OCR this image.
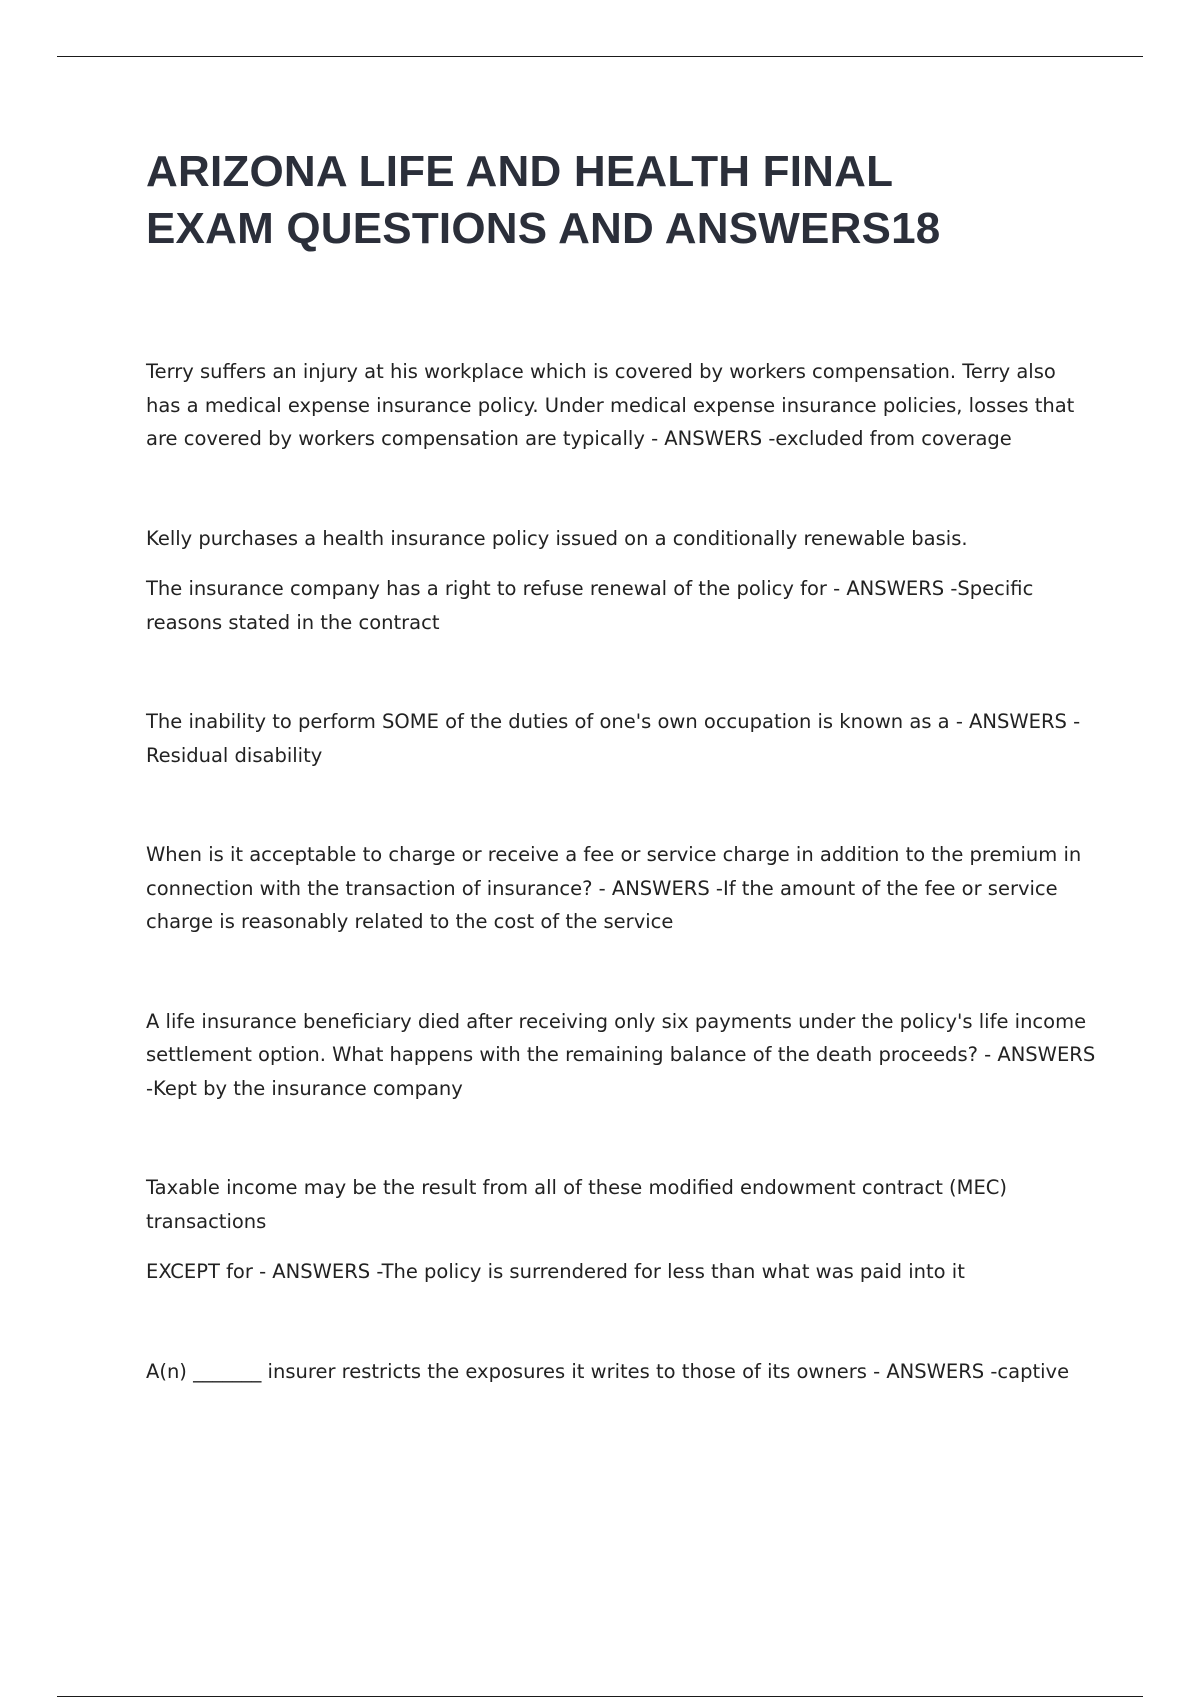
ARIZONA LIFE AND HEALTH FINAL
EXAM QUESTIONS AND ANSWERS18

Terry suffers an injury at his workplace which is covered by workers compensation. Terry also has a medical expense insurance policy. Under medical expense insurance policies, losses that are covered by workers compensation are typically - ANSWERS -excluded from coverage

Kelly purchases a health insurance policy issued on a conditionally renewable basis.

The insurance company has a right to refuse renewal of the policy for - ANSWERS -Specific reasons stated in the contract

The inability to perform SOME of the duties of one's own occupation is known as a - ANSWERS -Residual disability

When is it acceptable to charge or receive a fee or service charge in addition to the premium in connection with the transaction of insurance? - ANSWERS -If the amount of the fee or service charge is reasonably related to the cost of the service

A life insurance beneficiary died after receiving only six payments under the policy's life income settlement option. What happens with the remaining balance of the death proceeds? - ANSWERS -Kept by the insurance company

Taxable income may be the result from all of these modified endowment contract (MEC) transactions

EXCEPT for - ANSWERS -The policy is surrendered for less than what was paid into it

A(n) _______ insurer restricts the exposures it writes to those of its owners - ANSWERS -captive
